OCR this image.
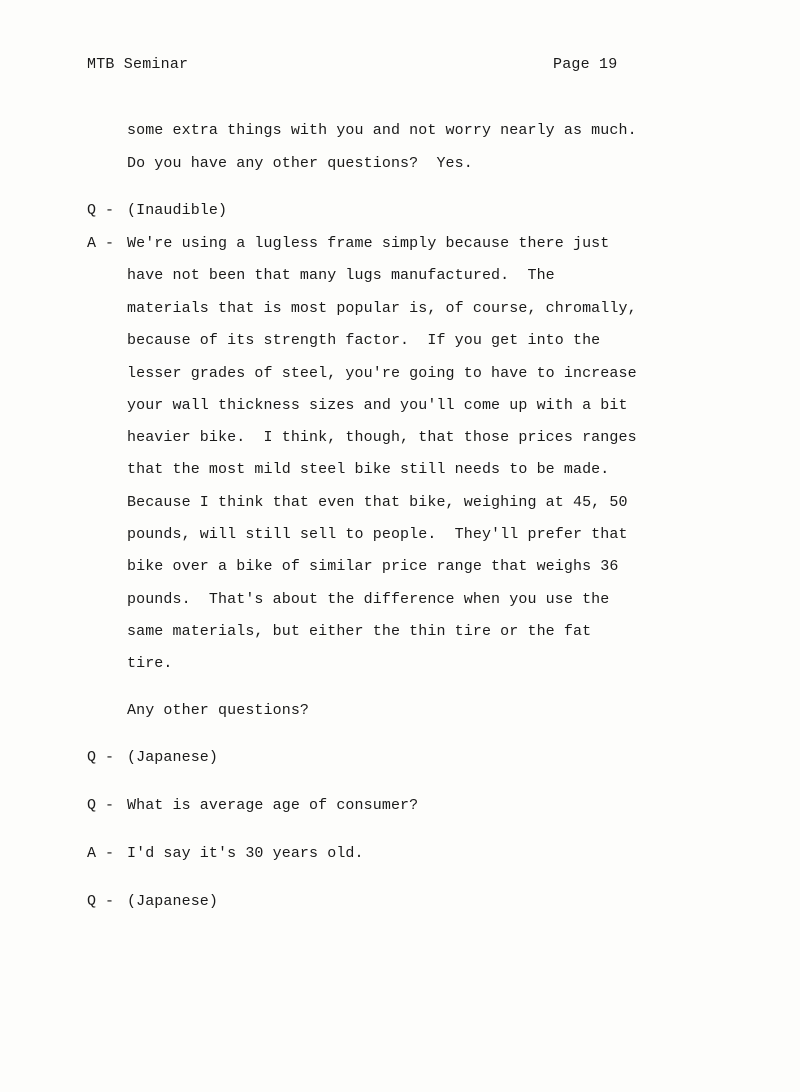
MTB Seminar	Page 19
some extra things with you and not worry nearly as much.
Do you have any other questions?  Yes.
Q - (Inaudible)
A - We're using a lugless frame simply because there just
have not been that many lugs manufactured.  The
materials that is most popular is, of course, chromally,
because of its strength factor.  If you get into the
lesser grades of steel, you're going to have to increase
your wall thickness sizes and you'll come up with a bit
heavier bike.  I think, though, that those prices ranges
that the most mild steel bike still needs to be made.
Because I think that even that bike, weighing at 45, 50
pounds, will still sell to people.  They'll prefer that
bike over a bike of similar price range that weighs 36
pounds.  That's about the difference when you use the
same materials, but either the thin tire or the fat
tire.
Any other questions?
Q - (Japanese)
Q - What is average age of consumer?
A - I'd say it's 30 years old.
Q - (Japanese)
